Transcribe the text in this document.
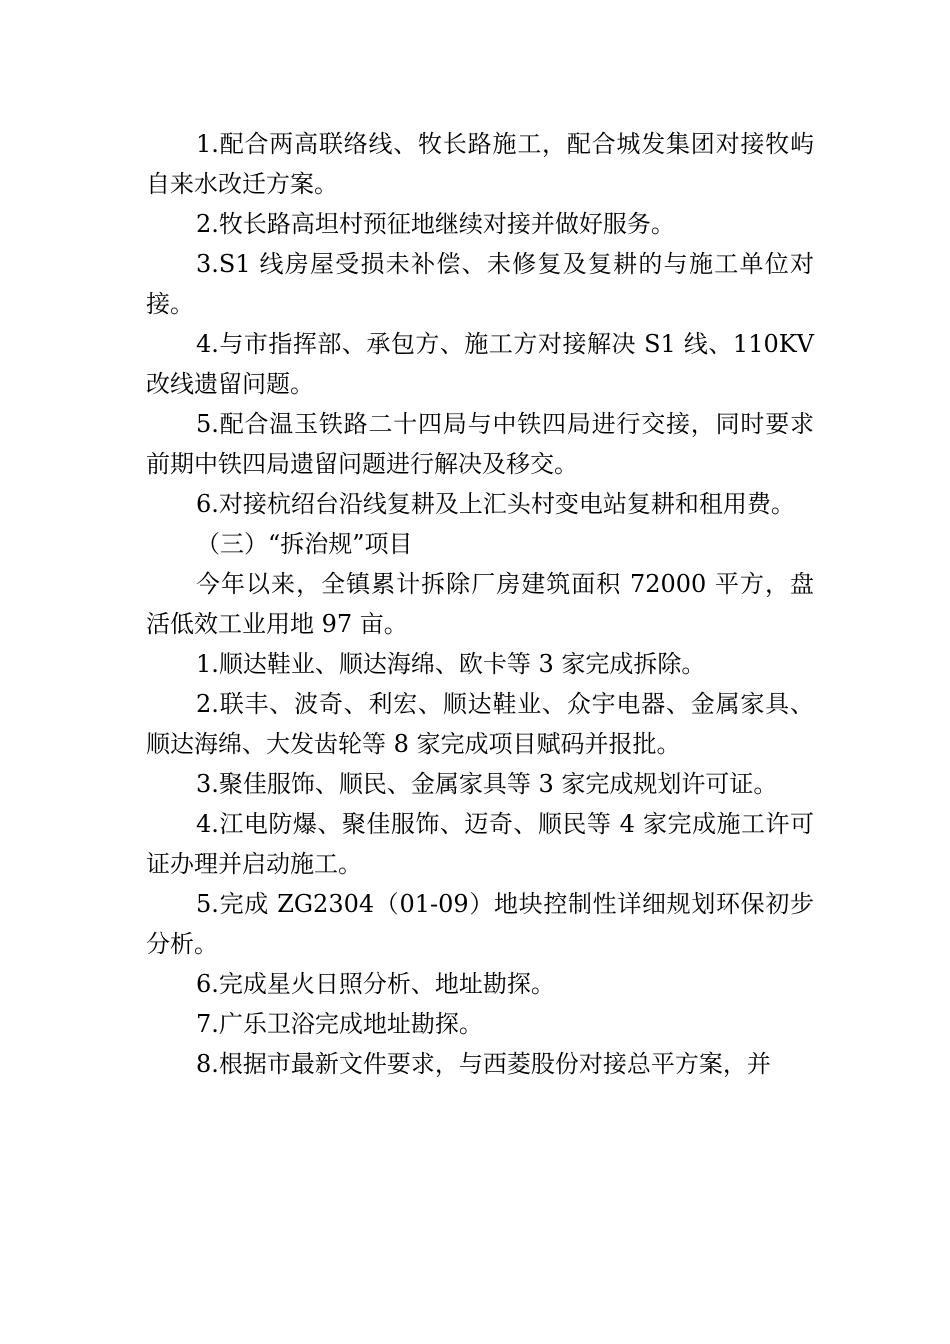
1.配合两高联络线、牧长路施工，配合城发集团对接牧屿自来水改迁方案。

2.牧长路高坦村预征地继续对接并做好服务。

3.S1 线房屋受损未补偿、未修复及复耕的与施工单位对接。

4.与市指挥部、承包方、施工方对接解决 S1 线、110KV改线遗留问题。

5.配合温玉铁路二十四局与中铁四局进行交接，同时要求前期中铁四局遗留问题进行解决及移交。

6.对接杭绍台沿线复耕及上汇头村变电站复耕和租用费。

（三）“拆治规”项目

今年以来，全镇累计拆除厂房建筑面积 72000 平方，盘活低效工业用地 97 亩。

1.顺达鞋业、顺达海绵、欧卡等 3 家完成拆除。

2.联丰、波奇、利宏、顺达鞋业、众宇电器、金属家具、顺达海绵、大发齿轮等 8 家完成项目赋码并报批。

3.聚佳服饰、顺民、金属家具等 3 家完成规划许可证。

4.江电防爆、聚佳服饰、迈奇、顺民等 4 家完成施工许可证办理并启动施工。

5.完成 ZG2304（01-09）地块控制性详细规划环保初步分析。

6.完成星火日照分析、地址勘探。

7.广乐卫浴完成地址勘探。

8.根据市最新文件要求，与西菱股份对接总平方案，并
